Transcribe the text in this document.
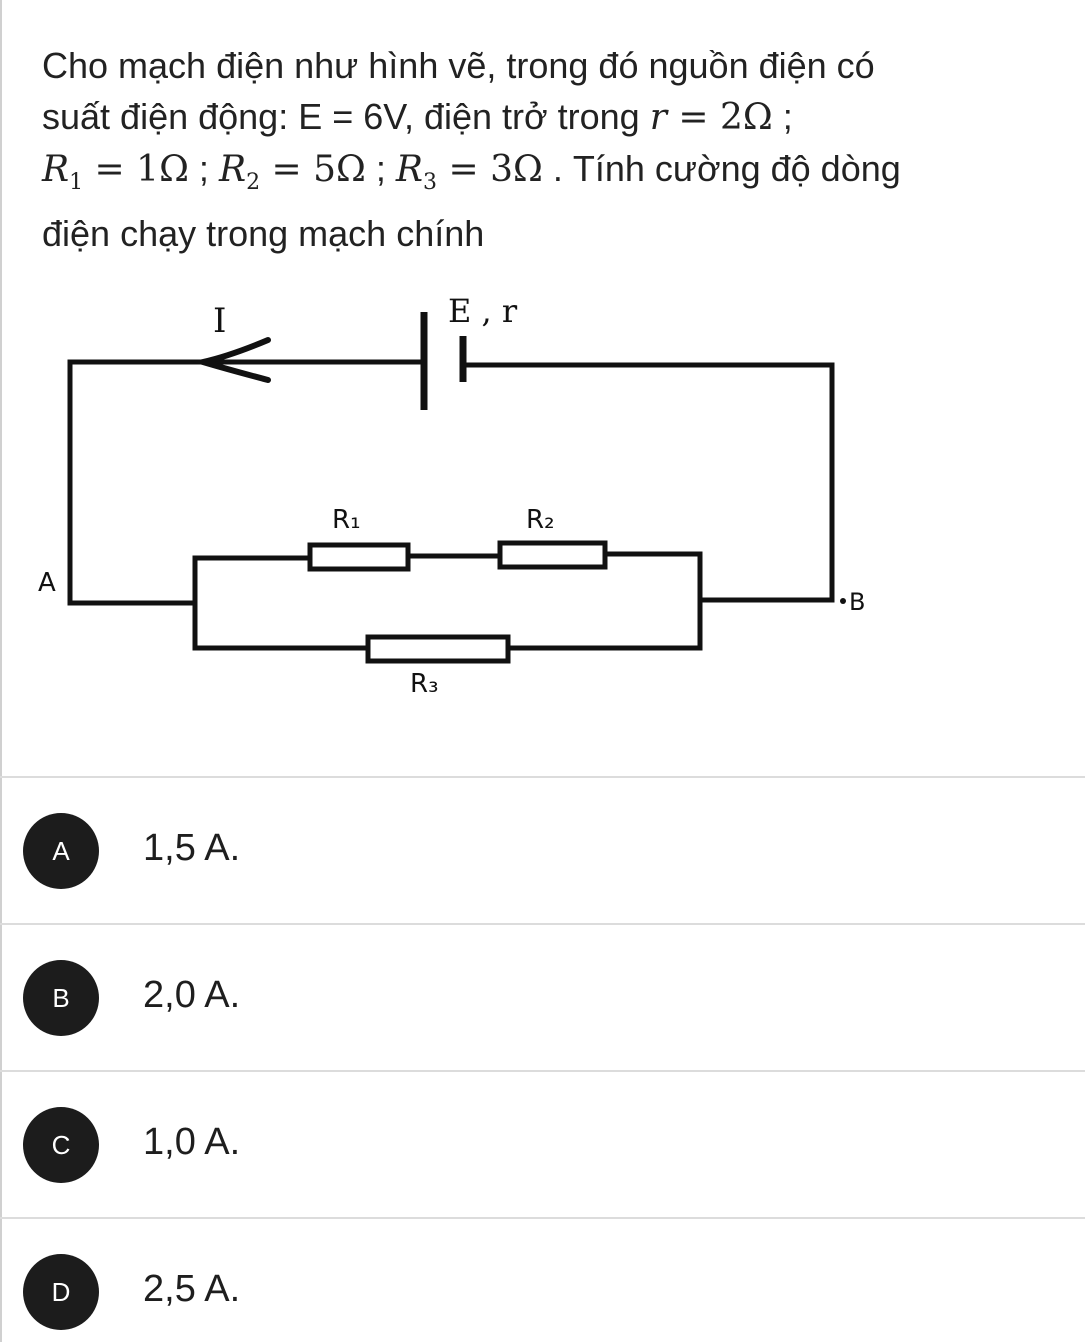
Cho mạch điện như hình vẽ, trong đó nguồn điện có
suất điện động: E = 6V, điện trở trong r = 2Ω ;
$R_1 = 1\Omega$ ; $R_2 = 5\Omega$ ; $R_3 = 3\Omega$ . Tính cường độ dòng
điện chạy trong mạch chính
I	E , r
R₁	R₂
R₃
A
B
A	1,5 A.
B	2,0 A.
C	1,0 A.
D	2,5 A.
